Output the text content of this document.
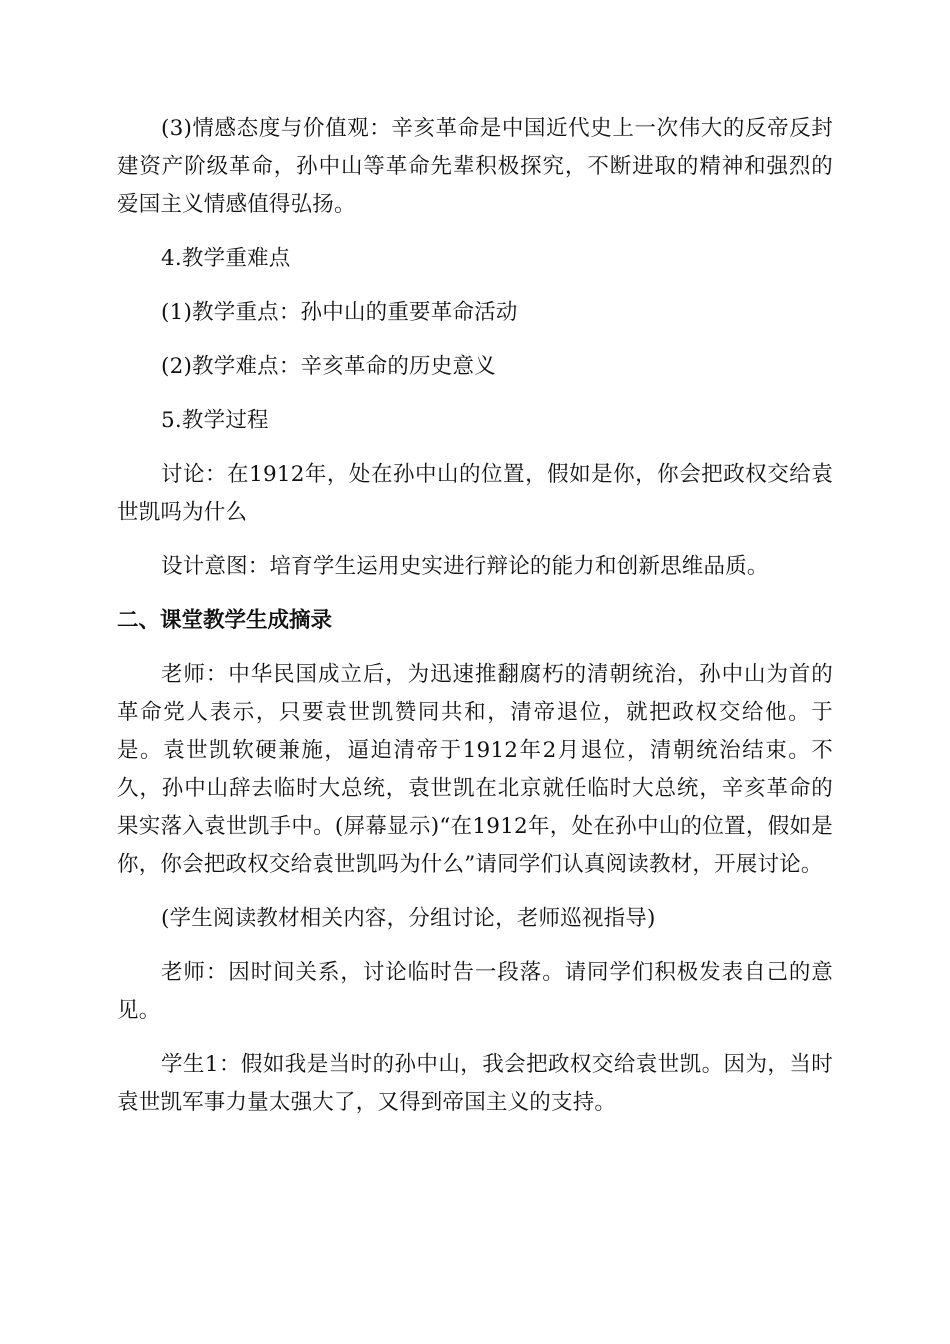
(3)情感态度与价值观：辛亥革命是中国近代史上一次伟大的反帝反封建资产阶级革命，孙中山等革命先辈积极探究，不断进取的精神和强烈的爱国主义情感值得弘扬。

4.教学重难点

(1)教学重点：孙中山的重要革命活动

(2)教学难点：辛亥革命的历史意义

5.教学过程

讨论：在1912年，处在孙中山的位置，假如是你，你会把政权交给袁世凯吗为什么

设计意图：培育学生运用史实进行辩论的能力和创新思维品质。

二、课堂教学生成摘录

老师：中华民国成立后，为迅速推翻腐朽的清朝统治，孙中山为首的革命党人表示，只要袁世凯赞同共和，清帝退位，就把政权交给他。于是。袁世凯软硬兼施，逼迫清帝于1912年2月退位，清朝统治结束。不久，孙中山辞去临时大总统，袁世凯在北京就任临时大总统，辛亥革命的果实落入袁世凯手中。(屏幕显示)“在1912年，处在孙中山的位置，假如是你，你会把政权交给袁世凯吗为什么”请同学们认真阅读教材，开展讨论。

(学生阅读教材相关内容，分组讨论，老师巡视指导)

老师：因时间关系，讨论临时告一段落。请同学们积极发表自己的意见。

学生1：假如我是当时的孙中山，我会把政权交给袁世凯。因为，当时袁世凯军事力量太强大了，又得到帝国主义的支持。
